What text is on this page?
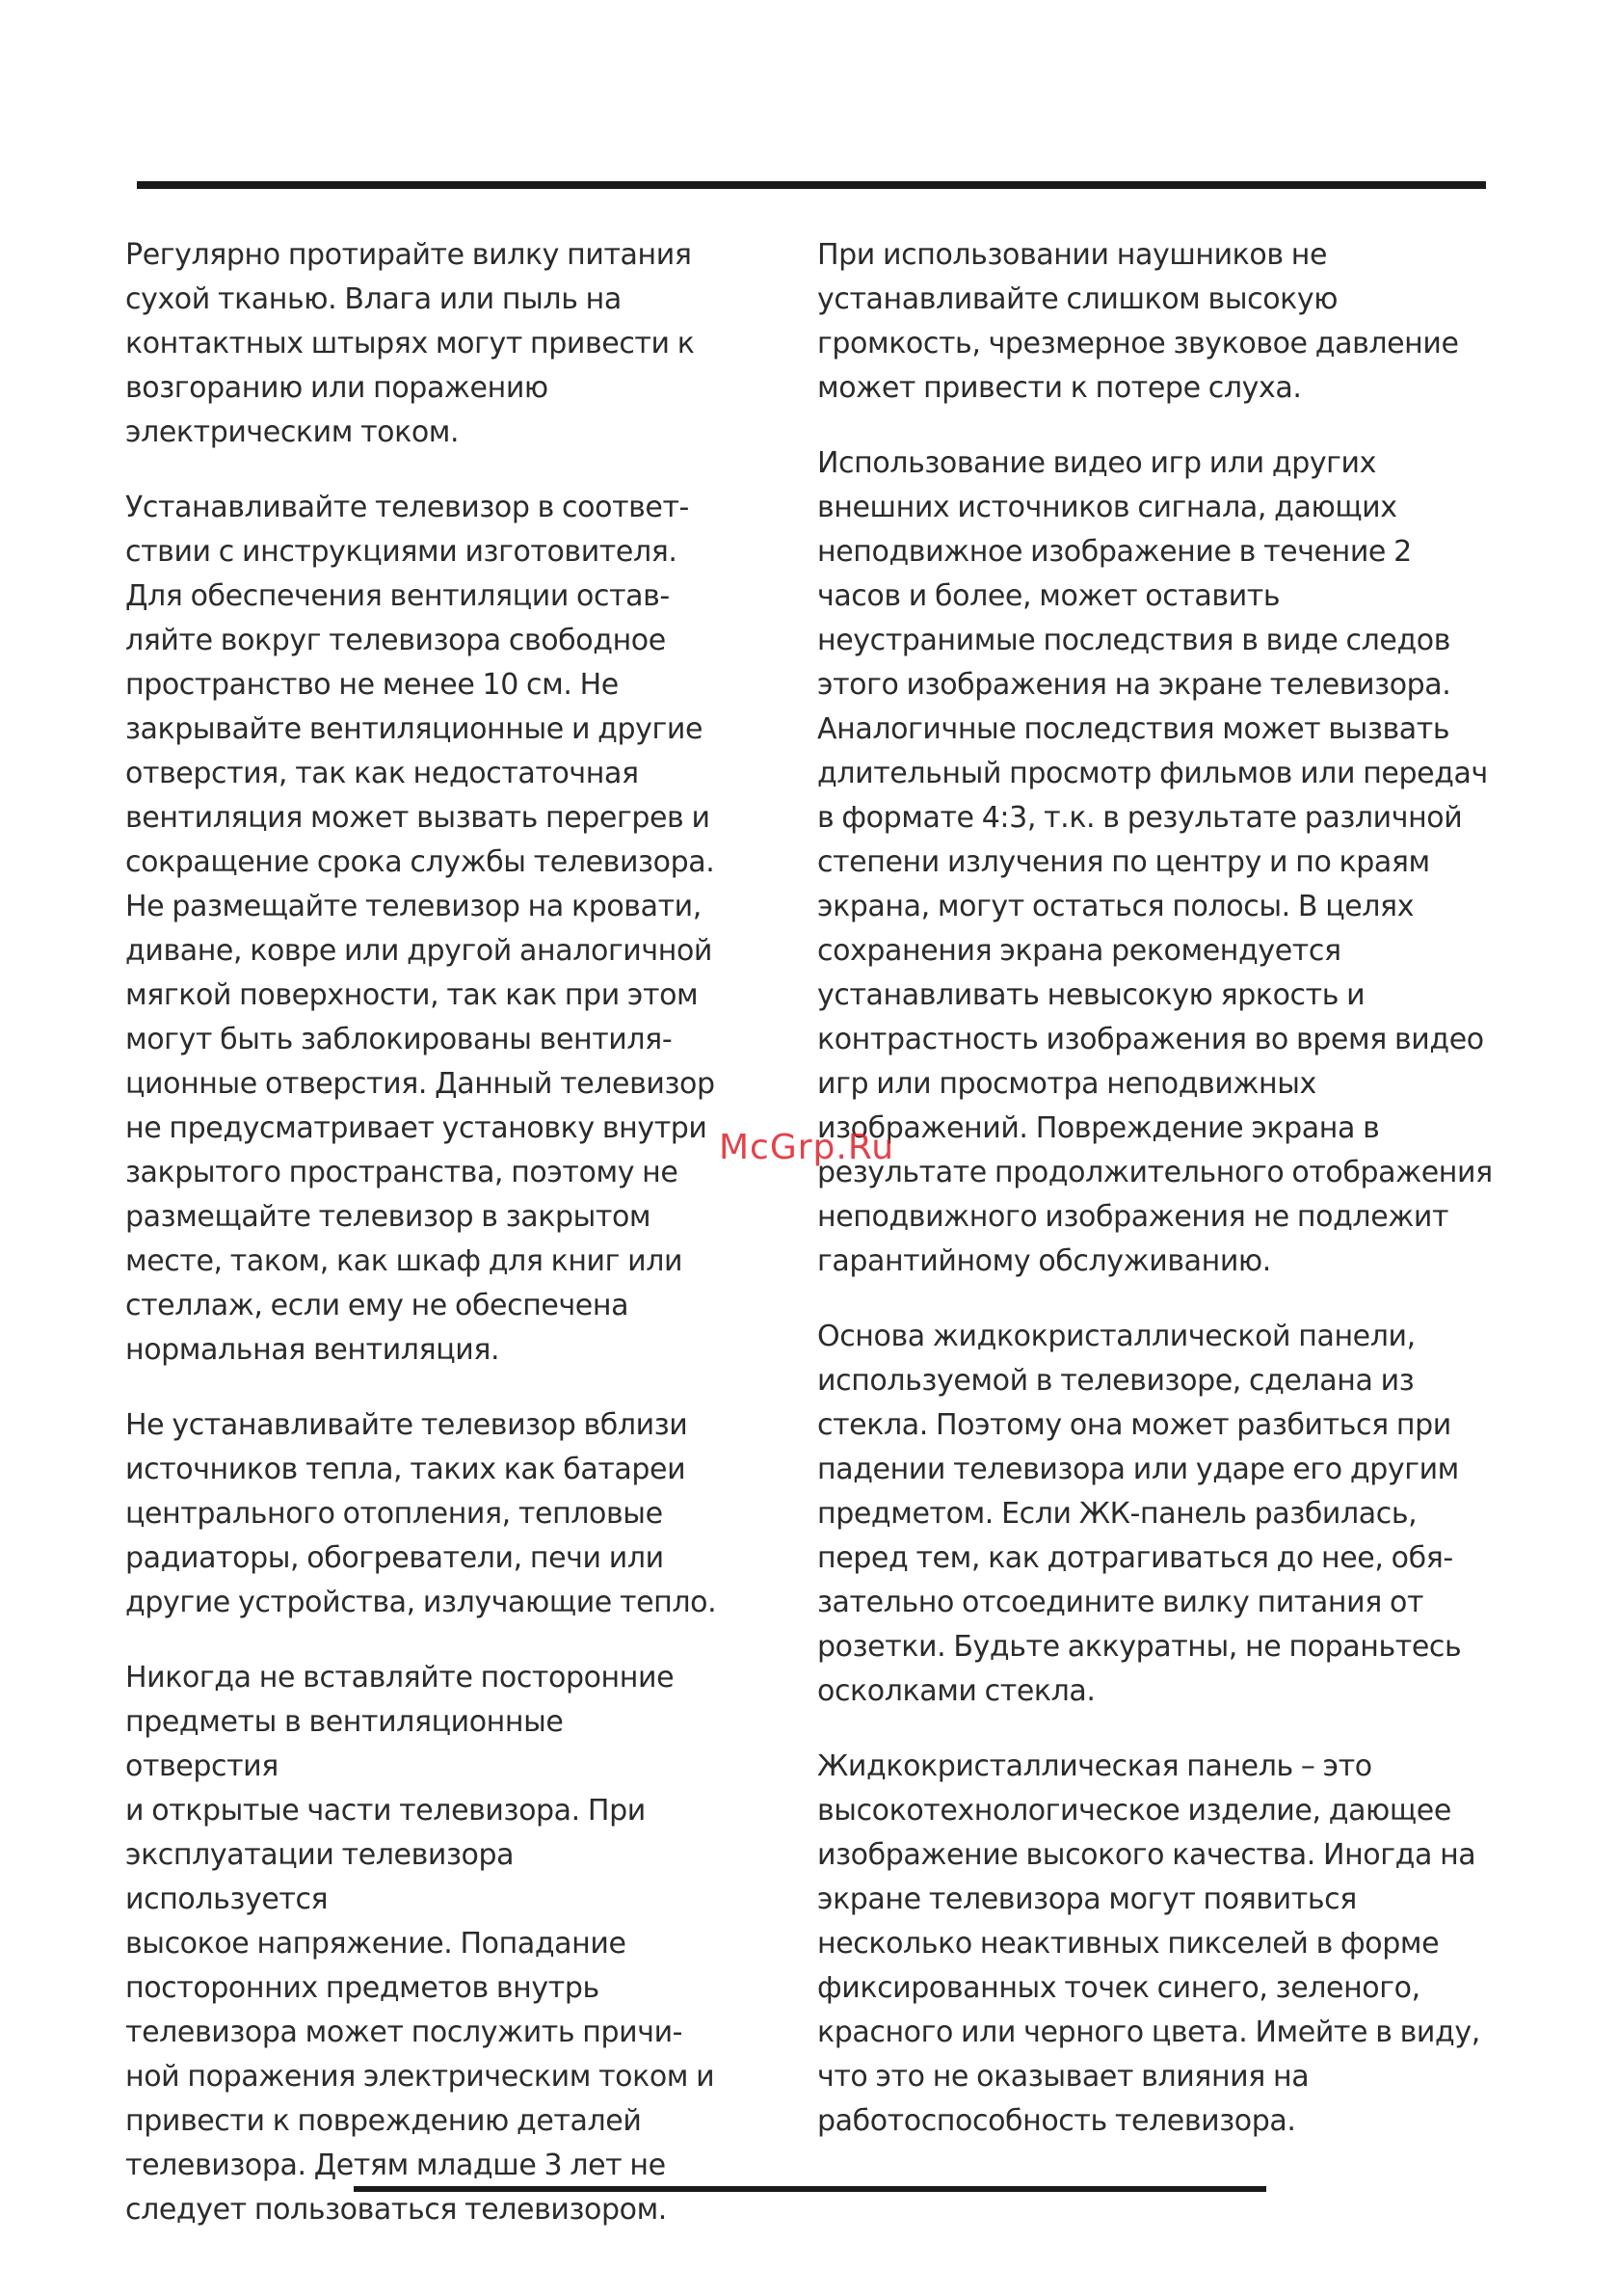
Регулярно протирайте вилку питания
сухой тканью. Влага или пыль на
контактных штырях могут привести к
возгоранию или поражению
электрическим током.

Устанавливайте телевизор в соответ-
ствии с инструкциями изготовителя.
Для обеспечения вентиляции остав-
ляйте вокруг телевизора свободное
пространство не менее 10 см. Не
закрывайте вентиляционные и другие
отверстия, так как недостаточная
вентиляция может вызвать перегрев и
сокращение срока службы телевизора.
Не размещайте телевизор на кровати,
диване, ковре или другой аналогичной
мягкой поверхности, так как при этом
могут быть заблокированы вентиля-
ционные отверстия. Данный телевизор
не предусматривает установку внутри
закрытого пространства, поэтому не
размещайте телевизор в закрытом
месте, таком, как шкаф для книг или
стеллаж, если ему не обеспечена
нормальная вентиляция.

Не устанавливайте телевизор вблизи
источников тепла, таких как батареи
центрального отопления, тепловые
радиаторы, обогреватели, печи или
другие устройства, излучающие тепло.

Никогда не вставляйте посторонние
предметы в вентиляционные отверстия
и открытые части телевизора. При
эксплуатации телевизора используется
высокое напряжение. Попадание
посторонних предметов внутрь
телевизора может послужить причи-
ной поражения электрическим током и
привести к повреждению деталей
телевизора. Детям младше 3 лет не
следует пользоваться телевизором.

При использовании наушников не
устанавливайте слишком высокую
громкость, чрезмерное звуковое давление
может привести к потере слуха.

Использование видео игр или других
внешних источников сигнала, дающих
неподвижное изображение в течение 2
часов и более, может оставить
неустранимые последствия в виде следов
этого изображения на экране телевизора.
Аналогичные последствия может вызвать
длительный просмотр фильмов или передач
в формате 4:3, т.к. в результате различной
степени излучения по центру и по краям
экрана, могут остаться полосы. В целях
сохранения экрана рекомендуется
устанавливать невысокую яркость и
контрастность изображения во время видео
игр или просмотра неподвижных
изображений. Повреждение экрана в
результате продолжительного отображения
неподвижного изображения не подлежит
гарантийному обслуживанию.

Основа жидкокристаллической панели,
используемой в телевизоре, сделана из
стекла. Поэтому она может разбиться при
падении телевизора или ударе его другим
предметом. Если ЖК-панель разбилась,
перед тем, как дотрагиваться до нее, обя-
зательно отсоедините вилку питания от
розетки. Будьте аккуратны, не пораньтесь
осколками стекла.

Жидкокристаллическая панель – это
высокотехнологическое изделие, дающее
изображение высокого качества. Иногда на
экране телевизора могут появиться
несколько неактивных пикселей в форме
фиксированных точек синего, зеленого,
красного или черного цвета. Имейте в виду,
что это не оказывает влияния на
работоспособность телевизора.

McGrp.Ru
